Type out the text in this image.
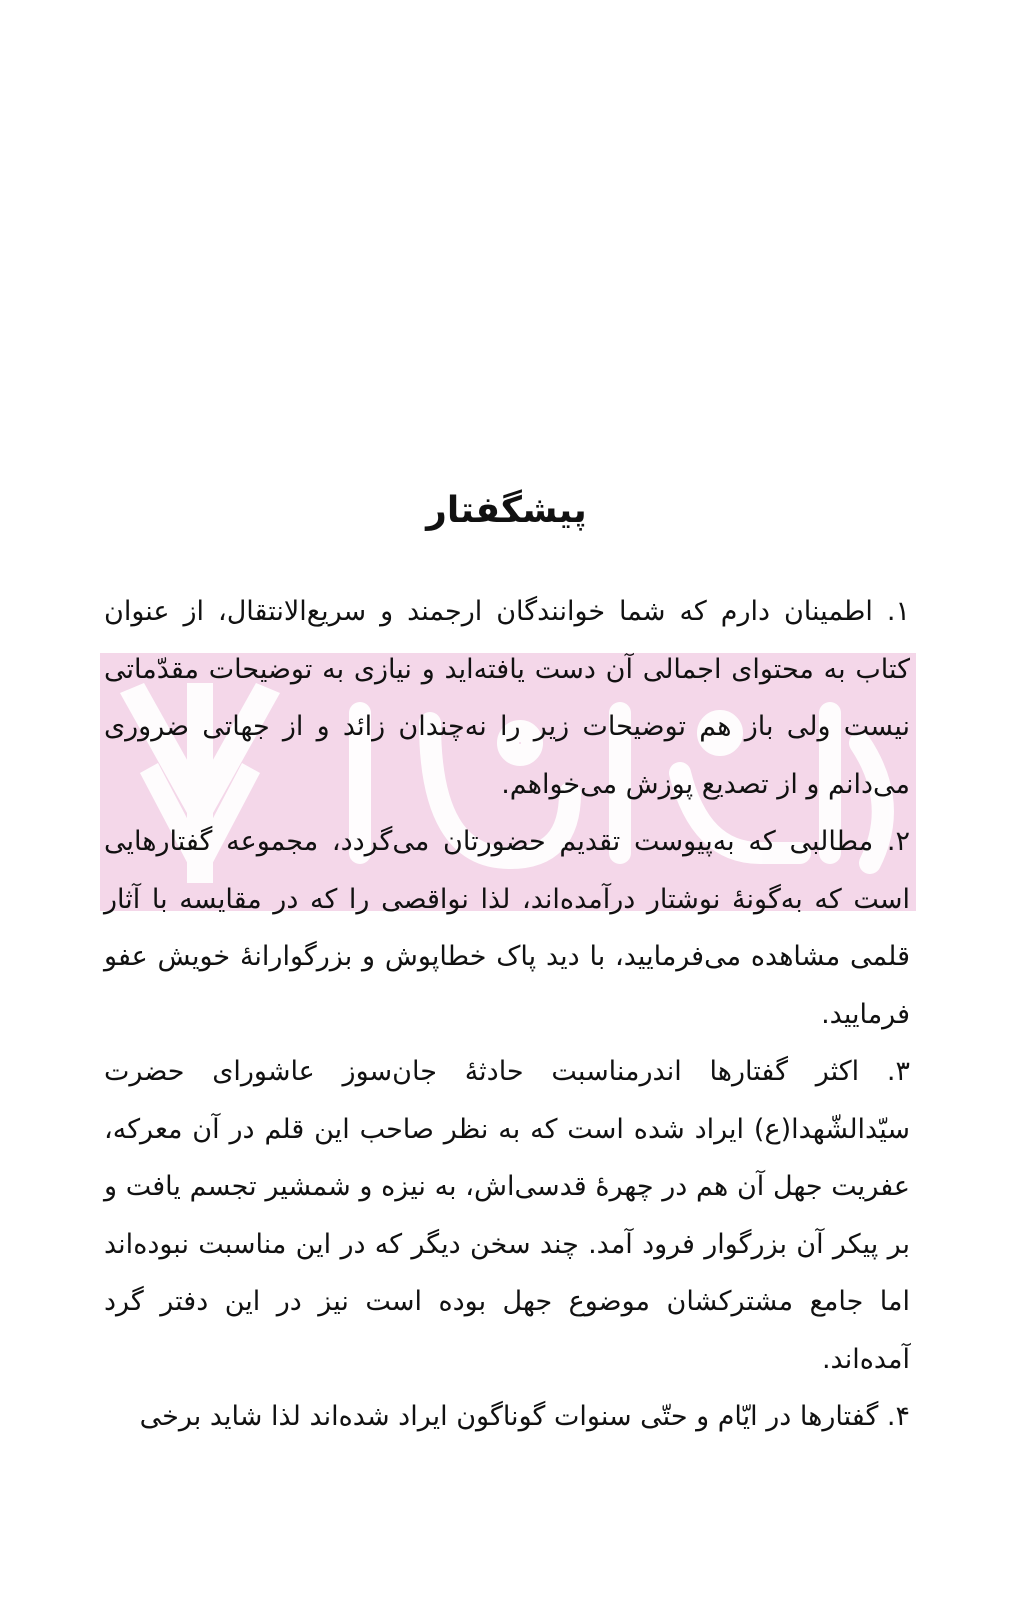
پیشگفتار

۱. اطمینان دارم که شما خوانندگان ارجمند و سریع‌الانتقال، از عنوان کتاب به محتوای اجمالی آن دست یافته‌اید و نیازی به توضیحات مقدّماتی نیست ولی باز هم توضیحات زیر را نه‌چندان زائد و از جهاتی ضروری می‌دانم و از تصدیع پوزش می‌خواهم.

۲. مطالبی که به‌پیوست تقدیم حضورتان می‌گردد، مجموعه گفتارهایی است که به‌گونهٔ نوشتار درآمده‌اند، لذا نواقصی را که در مقایسه با آثار قلمی مشاهده می‌فرمایید، با دید پاک خطاپوش و بزرگوارانهٔ خویش عفو فرمایید.

۳. اکثر گفتارها اندرمناسبت حادثهٔ جان‌سوز عاشورای حضرت سیّدالشّهدا(ع) ایراد شده است که به نظر صاحب این قلم در آن معرکه، عفریت جهل آن هم در چهرهٔ قدسی‌اش، به نیزه و شمشیر تجسم یافت و بر پیکر آن بزرگوار فرود آمد. چند سخن دیگر که در این مناسبت نبوده‌اند اما جامع مشترکشان موضوع جهل بوده است نیز در این دفتر گرد آمده‌اند.

۴. گفتارها در ایّام و حتّی سنوات گوناگون ایراد شده‌اند لذا شاید برخی
